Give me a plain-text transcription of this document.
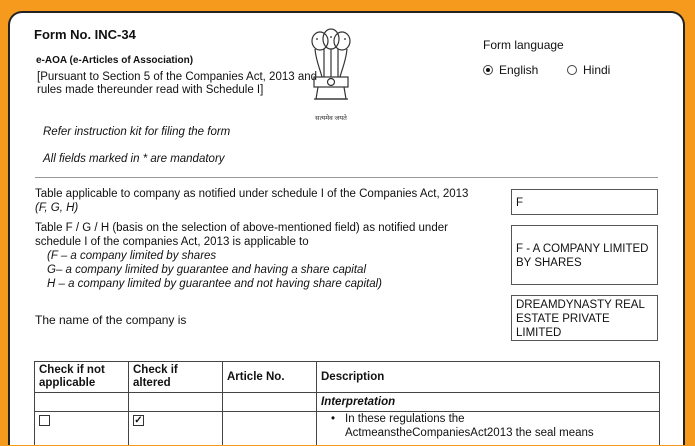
Form No. INC-34
e-AOA (e-Articles of Association)
[Pursuant to Section 5 of the Companies Act, 2013 and rules made thereunder read with Schedule I]
Refer instruction kit for filing the form
All fields marked in * are mandatory
सत्यमेव जयते
Form language
English	Hindi
Table applicable to company as notified under schedule I of the Companies Act, 2013
(F, G, H)	F
Table F / G / H (basis on the selection of above-mentioned field) as notified under
schedule I of the companies Act, 2013 is applicable to
(F – a company limited by shares
G– a company limited by guarantee and having a share capital
H – a company limited by guarantee and not having share capital)
F - A COMPANY LIMITED BY SHARES
The name of the company is
DREAMDYNASTY REAL ESTATE PRIVATE LIMITED
Check if not applicable	Check if altered	Article No.	Description
			Interpretation
	✓		• In these regulations the
ActmeanstheCompaniesAct2013 the seal means
